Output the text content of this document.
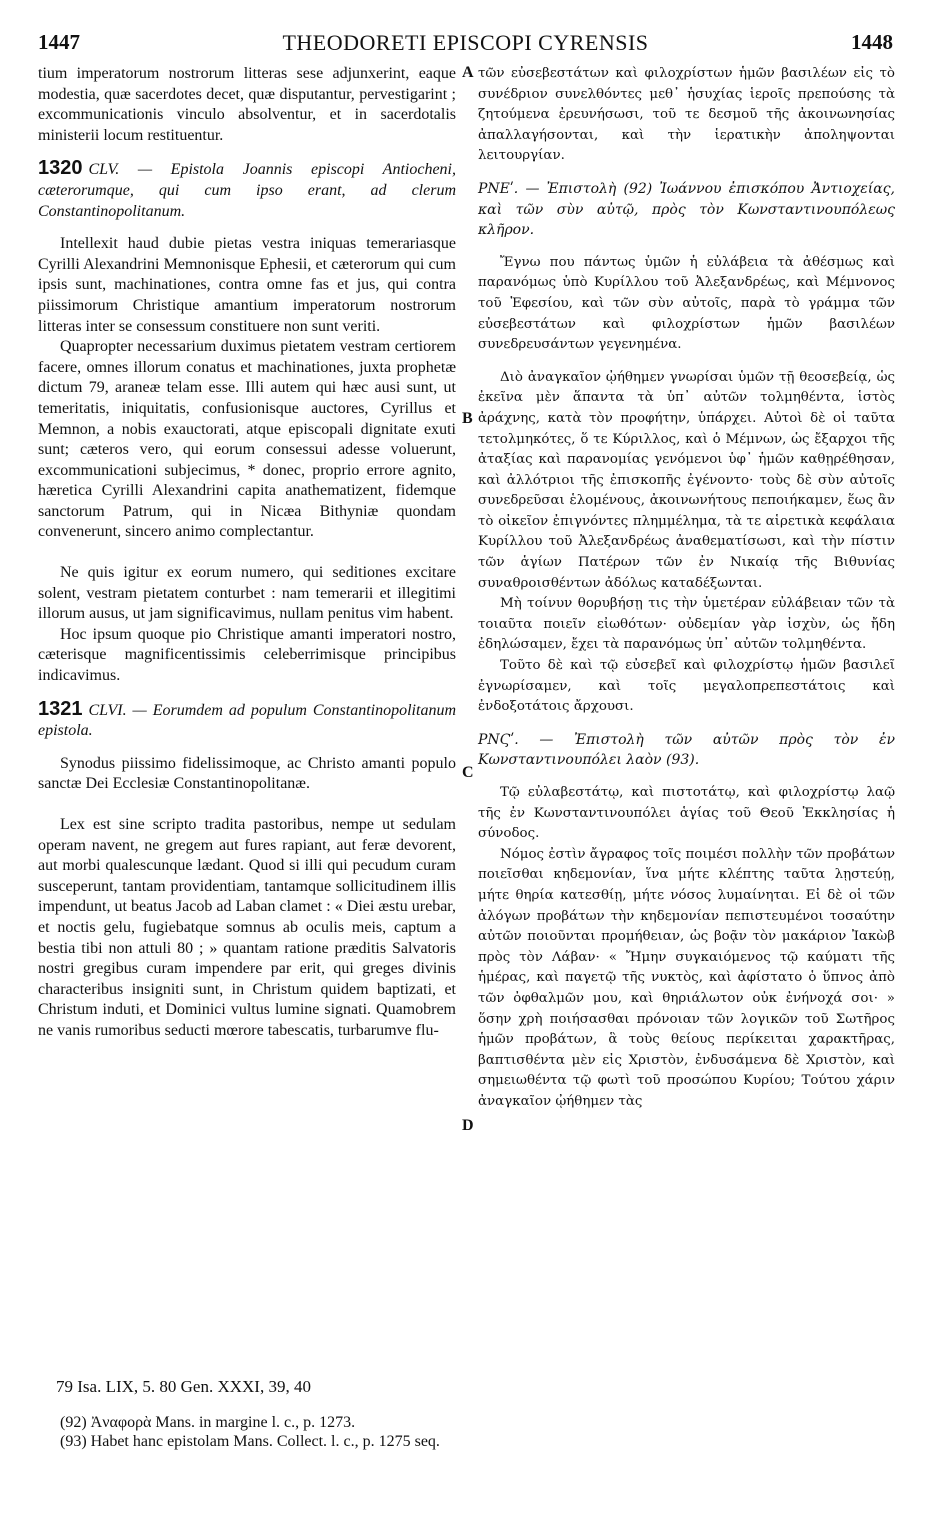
THEODORETI EPISCOPI CYRENSIS
1447	1448
A
B
C
D

tium imperatorum nostrorum litteras sese adjunxerint, eaque modestia, quæ sacerdotes decet, quæ disputantur, pervestigarint ; excommunicationis vinculo absolventur, et in sacerdotalis ministerii locum restituentur.

1320 CLV. — Epistola Joannis episcopi Antiocheni, cæterorumque, qui cum ipso erant, ad clerum Constantinopolitanum.

Intellexit haud dubie pietas vestra iniquas temerariasque Cyrilli Alexandrini Memnonisque Ephesii, et cæterorum qui cum ipsis sunt, machinationes, contra omne fas et jus, qui contra piissimorum Christique amantium imperatorum nostrorum litteras inter se consessum constituere non sunt veriti.

Quapropter necessarium duximus pietatem vestram certiorem facere, omnes illorum conatus et machinationes, juxta prophetæ dictum 79, araneæ telam esse. Illi autem qui hæc ausi sunt, ut temeritatis, iniquitatis, confusionisque auctores, Cyrillus et Memnon, a nobis exauctorati, atque episcopali dignitate exuti sunt; cæteros vero, qui eorum consessui adesse voluerunt, excommunicationi subjecimus, * donec, proprio errore agnito, hæretica Cyrilli Alexandrini capita anathematizent, fidemque sanctorum Patrum, qui in Nicæa Bithyniæ quondam convenerunt, sincero animo complectantur.

Ne quis igitur ex eorum numero, qui seditiones excitare solent, vestram pietatem conturbet : nam temerarii et illegitimi illorum ausus, ut jam significavimus, nullam penitus vim habent.

Hoc ipsum quoque pio Christique amanti imperatori nostro, cæterisque magnificentissimis celeberrimisque principibus indicavimus.

1321 CLVI. — Eorumdem ad populum Constantinopolitanum epistola.

Synodus piissimo fidelissimoque, ac Christo amanti populo sanctæ Dei Ecclesiæ Constantinopolitanæ.

Lex est sine scripto tradita pastoribus, nempe ut sedulam operam navent, ne gregem aut fures rapiant, aut feræ devorent, aut morbi qualescunque lædant. Quod si illi qui pecudum curam susceperunt, tantam providentiam, tantamque sollicitudinem illis impendunt, ut beatus Jacob ad Laban clamet : « Diei æstu urebar, et noctis gelu, fugiebatque somnus ab oculis meis, captum a bestia tibi non attuli 80 ; » quantam ratione præditis Salvatoris nostri gregibus curam impendere par erit, qui greges divinis characteribus insigniti sunt, in Christum quidem baptizati, et Christum induti, et Dominici vultus lumine signati. Quamobrem ne vanis rumoribus seducti mœrore tabescatis, turbarumve flu-

τῶν εὐσεβεστάτων καὶ φιλοχρίστων ἡμῶν βασιλέων εἰς τὸ συνέδριον συνελθόντες μεθ᾽ ἡσυχίας ἱεροῖς πρεπούσης τὰ ζητούμενα ἐρευνήσωσι, τοῦ τε δεσμοῦ τῆς ἀκοινωνησίας ἀπαλλαγήσονται, καὶ τὴν ἱερατικὴν ἀποληψονται λειτουργίαν.

ΡΝΕʹ. — Ἐπιστολὴ (92) Ἰωάννου ἐπισκόπου Ἀντιοχείας, καὶ τῶν σὺν αὐτῷ, πρὸς τὸν Κωνσταντινουπόλεως κλῆρον.

Ἔγνω που πάντως ὑμῶν ἡ εὐλάβεια τὰ ἀθέσμως καὶ παρανόμως ὑπὸ Κυρίλλου τοῦ Ἀλεξανδρέως, καὶ Μέμνονος τοῦ Ἐφεσίου, καὶ τῶν σὺν αὐτοῖς, παρὰ τὸ γράμμα τῶν εὐσεβεστάτων καὶ φιλοχρίστων ἡμῶν βασιλέων συνεδρευσάντων γεγενημένα.

Διὸ ἀναγκαῖον ᾠήθημεν γνωρίσαι ὑμῶν τῇ θεοσεβείᾳ, ὡς ἐκεῖνα μὲν ἅπαντα τὰ ὑπ᾽ αὐτῶν τολμηθέντα, ἱστὸς ἀράχνης, κατὰ τὸν προφήτην, ὑπάρχει. Αὐτοὶ δὲ οἱ ταῦτα τετολμηκότες, ὅ τε Κύριλλος, καὶ ὁ Μέμνων, ὡς ἔξαρχοι τῆς ἀταξίας καὶ παρανομίας γενόμενοι ὑφ᾽ ἡμῶν καθῃρέθησαν, καὶ ἀλλότριοι τῆς ἐπισκοπῆς ἐγένοντο· τοὺς δὲ σὺν αὐτοῖς συνεδρεῦσαι ἑλομένους, ἀκοινωνήτους πεποιήκαμεν, ἕως ἂν τὸ οἰκεῖον ἐπιγνόντες πλημμέλημα, τὰ τε αἱρετικὰ κεφάλαια Κυρίλλου τοῦ Ἀλεξανδρέως ἀναθεματίσωσι, καὶ τὴν πίστιν τῶν ἁγίων Πατέρων τῶν ἐν Νικαίᾳ τῆς Βιθυνίας συναθροισθέντων ἀδόλως καταδέξωνται.

Μὴ τοίνυν θορυβήσῃ τις τὴν ὑμετέραν εὐλάβειαν τῶν τὰ τοιαῦτα ποιεῖν εἰωθότων· οὐδεμίαν γὰρ ἰσχὺν, ὡς ἤδη ἐδηλώσαμεν, ἔχει τὰ παρανόμως ὑπ᾽ αὐτῶν τολμηθέντα.

Τοῦτο δὲ καὶ τῷ εὐσεβεῖ καὶ φιλοχρίστῳ ἡμῶν βασιλεῖ ἐγνωρίσαμεν, καὶ τοῖς μεγαλοπρεπεστάτοις καὶ ἐνδοξοτάτοις ἄρχουσι.

ΡΝϚʹ. — Ἐπιστολὴ τῶν αὐτῶν πρὸς τὸν ἐν Κωνσταντινουπόλει λαὸν (93).

Τῷ εὐλαβεστάτῳ, καὶ πιστοτάτῳ, καὶ φιλοχρίστῳ λαῷ τῆς ἐν Κωνσταντινουπόλει ἁγίας τοῦ Θεοῦ Ἐκκλησίας ἡ σύνοδος.

Νόμος ἐστὶν ἄγραφος τοῖς ποιμέσι πολλὴν τῶν προβάτων ποιεῖσθαι κηδεμονίαν, ἵνα μήτε κλέπτης ταῦτα λῃστεύῃ, μήτε θηρία κατεσθίῃ, μήτε νόσος λυμαίνηται. Εἰ δὲ οἱ τῶν ἀλόγων προβάτων τὴν κηδεμονίαν πεπιστευμένοι τοσαύτην αὐτῶν ποιοῦνται προμήθειαν, ὡς βοᾷν τὸν μακάριον Ἰακὼβ πρὸς τὸν Λάβαν· « Ἤμην συγκαιόμενος τῷ καύματι τῆς ἡμέρας, καὶ παγετῷ τῆς νυκτὸς, καὶ ἀφίστατο ὁ ὕπνος ἀπὸ τῶν ὀφθαλμῶν μου, καὶ θηριάλωτον οὐκ ἐνήνοχά σοι· » ὅσην χρὴ ποιήσασθαι πρόνοιαν τῶν λογικῶν τοῦ Σωτῆρος ἡμῶν προβάτων, ἃ τοὺς θείους περίκειται χαρακτῆρας, βαπτισθέντα μὲν εἰς Χριστὸν, ἐνδυσάμενα δὲ Χριστὸν, καὶ σημειωθέντα τῷ φωτὶ τοῦ προσώπου Κυρίου; Τούτου χάριν ἀναγκαῖον ᾠήθημεν τὰς

79 Isa. LIX, 5. 80 Gen. XXXI, 39, 40
(92) Ἀναφορὰ Mans. in margine l. c., p. 1273.
(93) Habet hanc epistolam Mans. Collect. l. c., p. 1275 seq.
